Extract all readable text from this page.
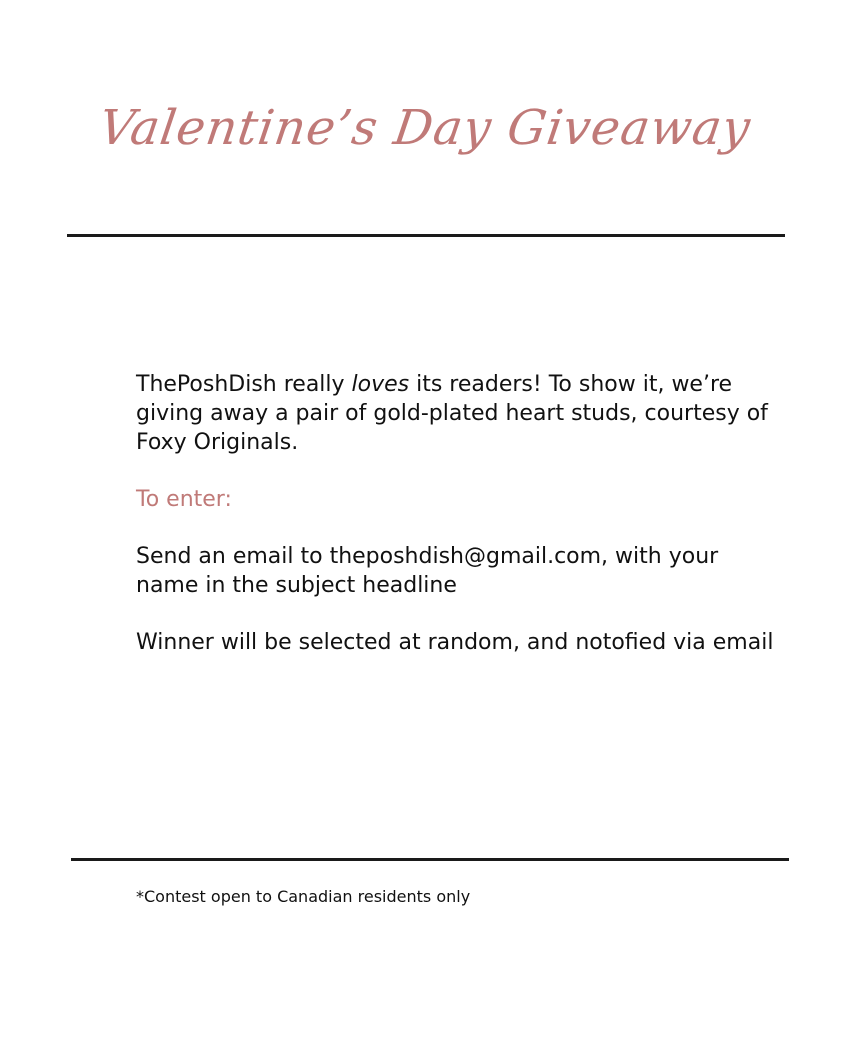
Valentine’s Day Giveaway

ThePoshDish really loves its readers! To show it, we’re giving away a pair of gold-plated heart studs, courtesy of Foxy Originals.

To enter:

Send an email to theposhdish@gmail.com, with your name in the subject headline

Winner will be selected at random, and notofied via email

*Contest open to Canadian residents only
